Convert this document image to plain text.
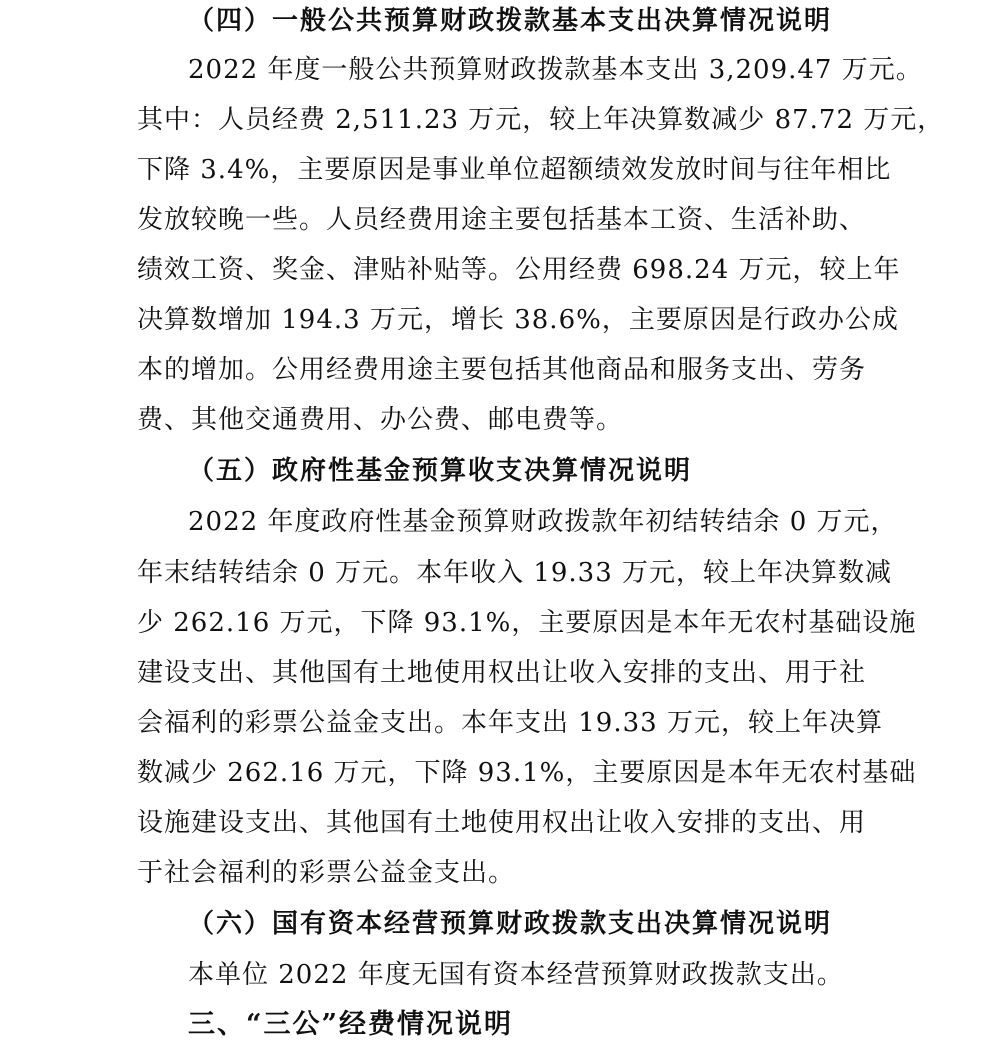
（四）一般公共预算财政拨款基本支出决算情况说明
2022 年度一般公共预算财政拨款基本支出 3,209.47 万元。
其中：人员经费 2,511.23 万元，较上年决算数减少 87.72 万元，
下降 3.4%，主要原因是事业单位超额绩效发放时间与往年相比
发放较晚一些。人员经费用途主要包括基本工资、生活补助、
绩效工资、奖金、津贴补贴等。公用经费 698.24 万元，较上年
决算数增加 194.3 万元，增长 38.6%，主要原因是行政办公成
本的增加。公用经费用途主要包括其他商品和服务支出、劳务
费、其他交通费用、办公费、邮电费等。
（五）政府性基金预算收支决算情况说明
2022 年度政府性基金预算财政拨款年初结转结余 0 万元，
年末结转结余 0 万元。本年收入 19.33 万元，较上年决算数减
少 262.16 万元，下降 93.1%，主要原因是本年无农村基础设施
建设支出、其他国有土地使用权出让收入安排的支出、用于社
会福利的彩票公益金支出。本年支出 19.33 万元，较上年决算
数减少 262.16 万元，下降 93.1%，主要原因是本年无农村基础
设施建设支出、其他国有土地使用权出让收入安排的支出、用
于社会福利的彩票公益金支出。
（六）国有资本经营预算财政拨款支出决算情况说明
本单位 2022 年度无国有资本经营预算财政拨款支出。
三、“三公”经费情况说明
